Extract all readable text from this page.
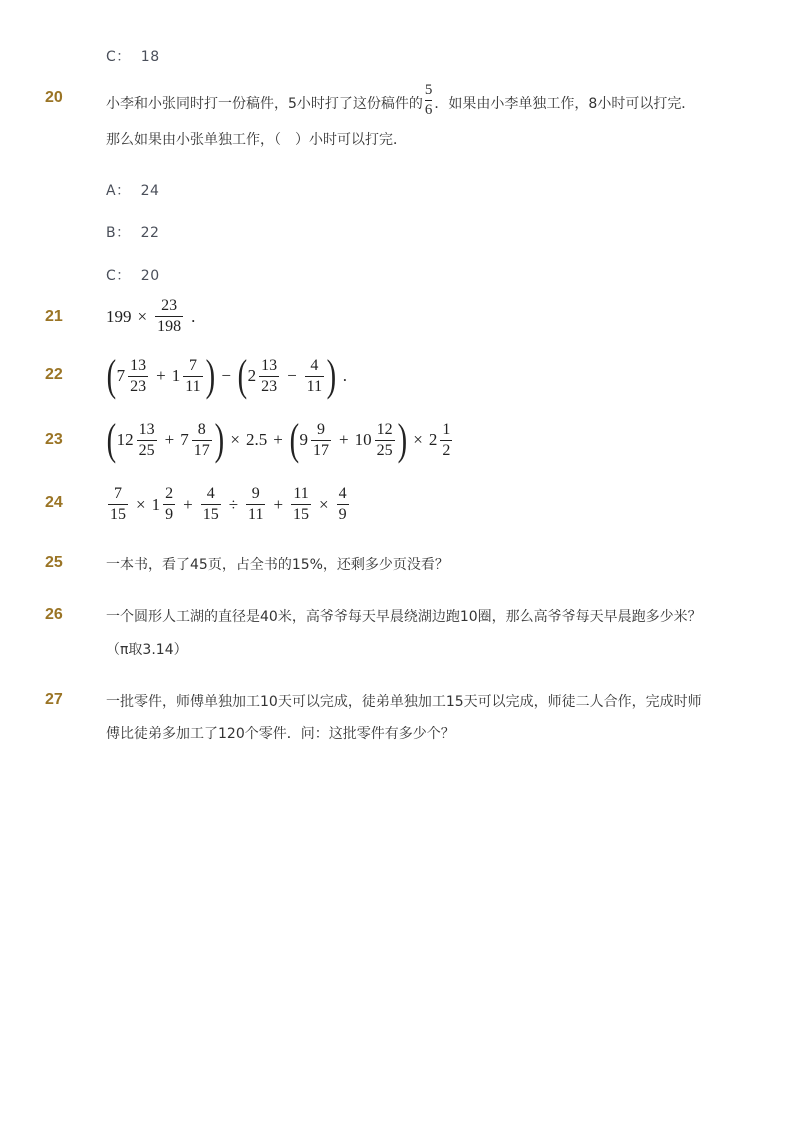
C： 18
20	小李和小张同时打一份稿件，5小时打了这份稿件的 $\frac{5}{6}$ ．如果由小李单独工作，8小时可以打完．
那么如果由小张单独工作，（　）小时可以打完．
A： 24
B： 22
C： 20
21	$199 \times \frac{23}{198}$ .
22 ( $7 \frac{13}{23} + 1 \frac{7}{11}$ ) − ( $2 \frac{13}{23} - \frac{4}{11}$ ) .
23 ( $12 \frac{13}{25} + 7 \frac{8}{17}$ ) × 2.5 + ( $9 \frac{9}{17} + 10 \frac{12}{25}$ ) × $2 \frac{1}{2}$
24	$\frac{7}{15} \times 1 \frac{2}{9} + \frac{4}{15} \div \frac{9}{11} + \frac{11}{15} \times \frac{4}{9}$
25	一本书，看了45页，占全书的15%，还剩多少页没看？
26	一个圆形人工湖的直径是40米，高爷爷每天早晨绕湖边跑10圈，那么高爷爷每天早晨跑多少米？
（π取3.14）
27	一批零件，师傅单独加工10天可以完成，徒弟单独加工15天可以完成，师徒二人合作，完成时师
傅比徒弟多加工了120个零件．问：这批零件有多少个？
